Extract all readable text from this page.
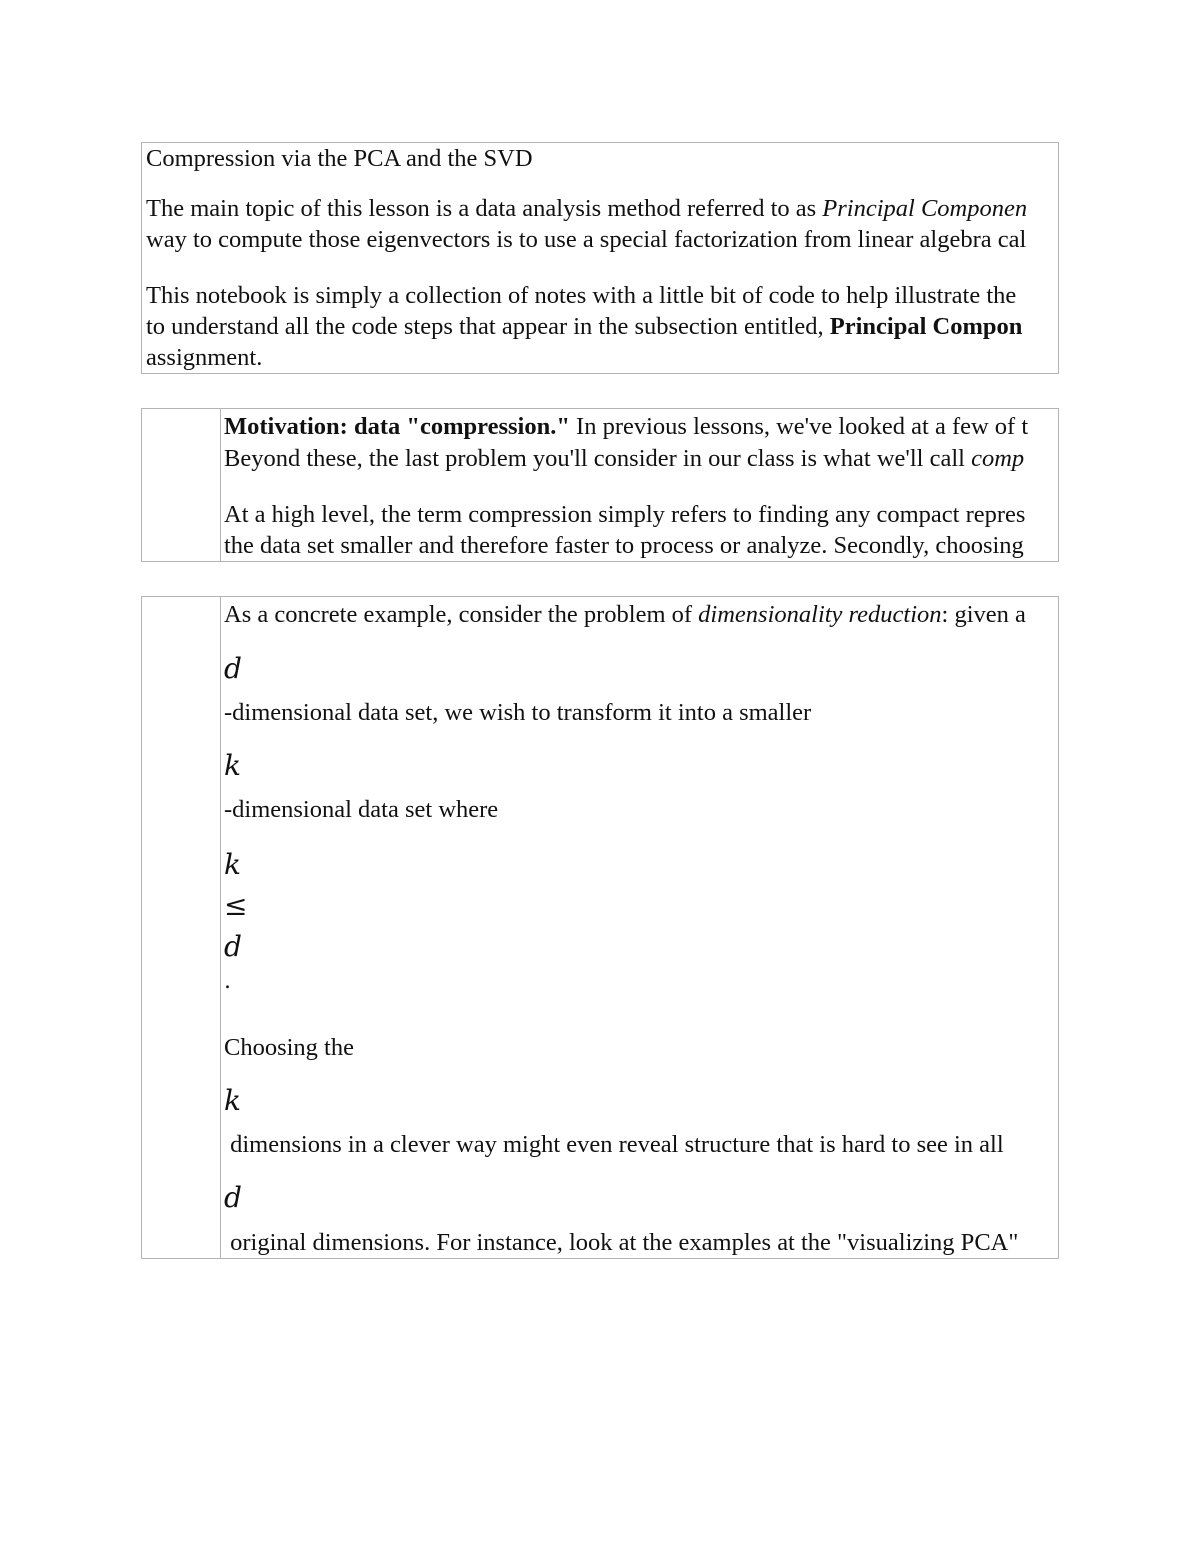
Compression via the PCA and the SVD
The main topic of this lesson is a data analysis method referred to as Principal Componen
way to compute those eigenvectors is to use a special factorization from linear algebra cal
This notebook is simply a collection of notes with a little bit of code to help illustrate the
to understand all the code steps that appear in the subsection entitled, Principal Compon
assignment.
Motivation: data "compression." In previous lessons, we've looked at a few of t
Beyond these, the last problem you'll consider in our class is what we'll call comp
At a high level, the term compression simply refers to finding any compact repres
the data set smaller and therefore faster to process or analyze. Secondly, choosing
As a concrete example, consider the problem of dimensionality reduction: given a
d
-dimensional data set, we wish to transform it into a smaller
k
-dimensional data set where
k
≤
d
.
Choosing the
k
dimensions in a clever way might even reveal structure that is hard to see in all
d
original dimensions. For instance, look at the examples at the "visualizing PCA"
